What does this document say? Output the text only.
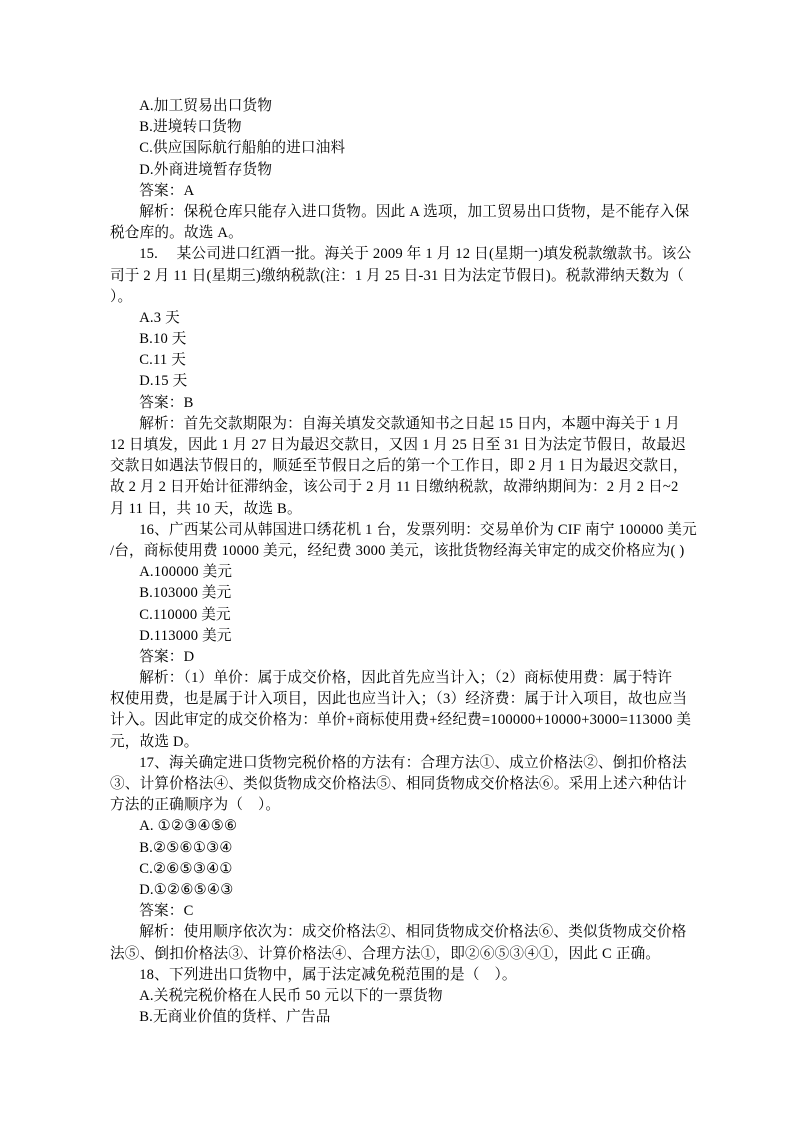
A.加工贸易出口货物
B.进境转口货物
C.供应国际航行船舶的进口油料
D.外商进境暂存货物
答案：A
解析：保税仓库只能存入进口货物。因此 A 选项，加工贸易出口货物，是不能存入保
税仓库的。故选 A。
15.　 某公司进口红酒一批。海关于 2009 年 1 月 12 日(星期一)填发税款缴款书。该公
司于 2 月 11 日(星期三)缴纳税款(注：1 月 25 日-31 日为法定节假日)。税款滞纳天数为（
）。
A.3 天
B.10 天
C.11 天
D.15 天
答案：B
解析：首先交款期限为：自海关填发交款通知书之日起 15 日内，本题中海关于 1 月
12 日填发，因此 1 月 27 日为最迟交款日，又因 1 月 25 日至 31 日为法定节假日，故最迟
交款日如遇法节假日的，顺延至节假日之后的第一个工作日，即 2 月 1 日为最迟交款日，
故 2 月 2 日开始计征滞纳金，该公司于 2 月 11 日缴纳税款，故滞纳期间为：2 月 2 日~2
月 11 日，共 10 天，故选 B。
16、广西某公司从韩国进口绣花机 1 台，发票列明：交易单价为 CIF 南宁 100000 美元
/台，商标使用费 10000 美元，经纪费 3000 美元，该批货物经海关审定的成交价格应为( )
A.100000 美元
B.103000 美元
C.110000 美元
D.113000 美元
答案：D
解析：（1）单价：属于成交价格，因此首先应当计入；（2）商标使用费：属于特许
权使用费，也是属于计入项目，因此也应当计入；（3）经济费：属于计入项目，故也应当
计入。因此审定的成交价格为：单价+商标使用费+经纪费=100000+10000+3000=113000 美
元，故选 D。
17、海关确定进口货物完税价格的方法有：合理方法①、成立价格法②、倒扣价格法
③、计算价格法④、类似货物成交价格法⑤、相同货物成交价格法⑥。采用上述六种估计
方法的正确顺序为（　）。
A. ①②③④⑤⑥
B.②⑤⑥①③④
C.②⑥⑤③④①
D.①②⑥⑤④③
答案：C
解析：使用顺序依次为：成交价格法②、相同货物成交价格法⑥、类似货物成交价格
法⑤、倒扣价格法③、计算价格法④、合理方法①，即②⑥⑤③④①，因此 C 正确。
18、下列进出口货物中，属于法定减免税范围的是（　）。
A.关税完税价格在人民币 50 元以下的一票货物
B.无商业价值的货样、广告品
